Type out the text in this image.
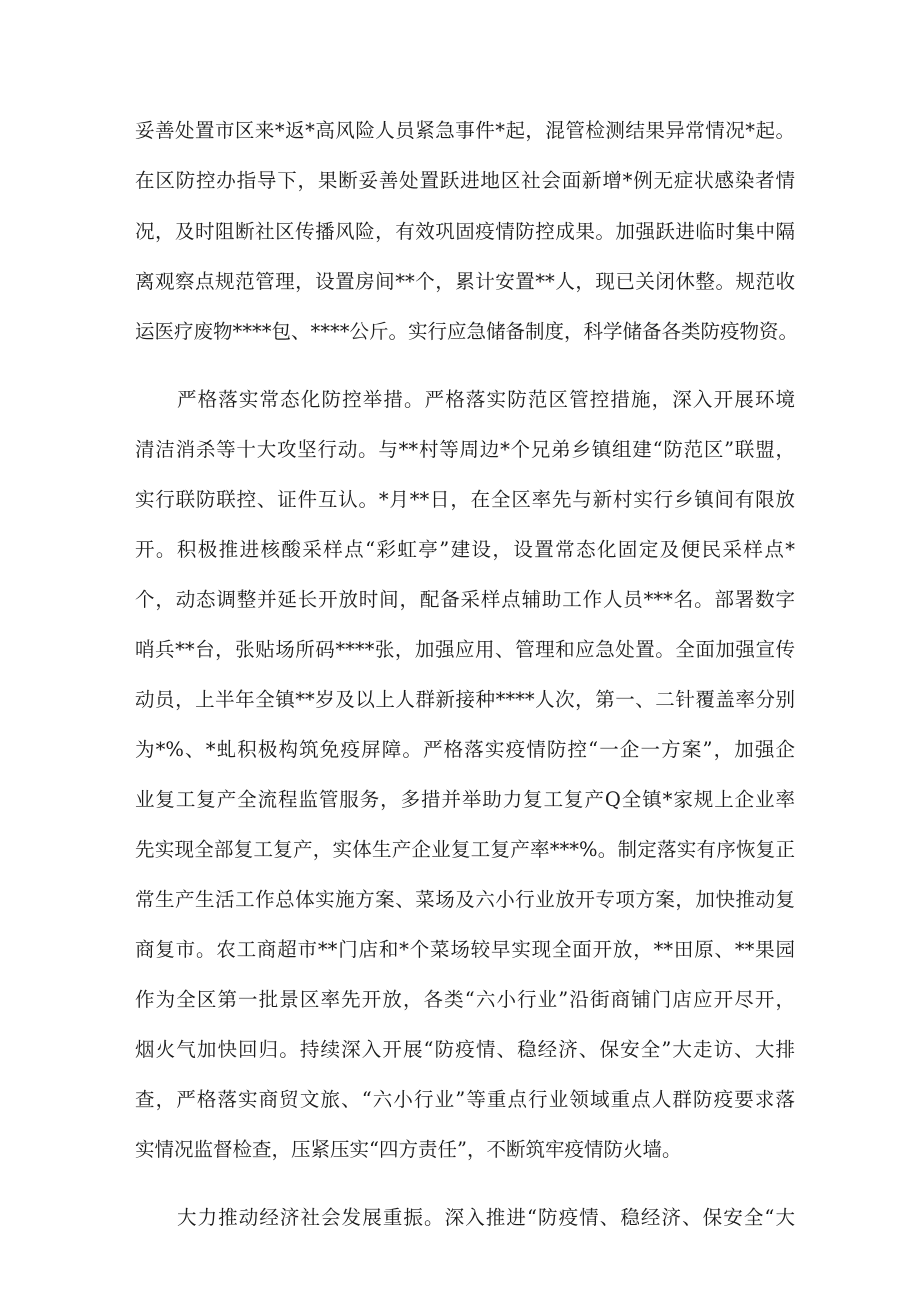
妥善处置市区来*返*高风险人员紧急事件*起，混管检测结果异常情况*起。
在区防控办指导下，果断妥善处置跃进地区社会面新增*例无症状感染者情
况，及时阻断社区传播风险，有效巩固疫情防控成果。加强跃进临时集中隔
离观察点规范管理，设置房间**个，累计安置**人，现已关闭休整。规范收
运医疗废物****包、****公斤。实行应急储备制度，科学储备各类防疫物资。
严格落实常态化防控举措。严格落实防范区管控措施，深入开展环境
清洁消杀等十大攻坚行动。与**村等周边*个兄弟乡镇组建“防范区”联盟，
实行联防联控、证件互认。*月**日，在全区率先与新村实行乡镇间有限放
开。积极推进核酸采样点“彩虹亭”建设，设置常态化固定及便民采样点*
个，动态调整并延长开放时间，配备采样点辅助工作人员***名。部署数字
哨兵**台，张贴场所码****张，加强应用、管理和应急处置。全面加强宣传
动员，上半年全镇**岁及以上人群新接种****人次，第一、二针覆盖率分别
为*%、*虬积极构筑免疫屏障。严格落实疫情防控“一企一方案”，加强企
业复工复产全流程监管服务，多措并举助力复工复产Q全镇*家规上企业率
先实现全部复工复产，实体生产企业复工复产率***%。制定落实有序恢复正
常生产生活工作总体实施方案、菜场及六小行业放开专项方案，加快推动复
商复市。农工商超市**门店和*个菜场较早实现全面开放，**田原、**果园
作为全区第一批景区率先开放，各类“六小行业”沿街商铺门店应开尽开，
烟火气加快回归。持续深入开展“防疫情、稳经济、保安全”大走访、大排
查，严格落实商贸文旅、“六小行业”等重点行业领域重点人群防疫要求落
实情况监督检查，压紧压实“四方责任”，不断筑牢疫情防火墙。
大力推动经济社会发展重振。深入推进“防疫情、稳经济、保安全“大
